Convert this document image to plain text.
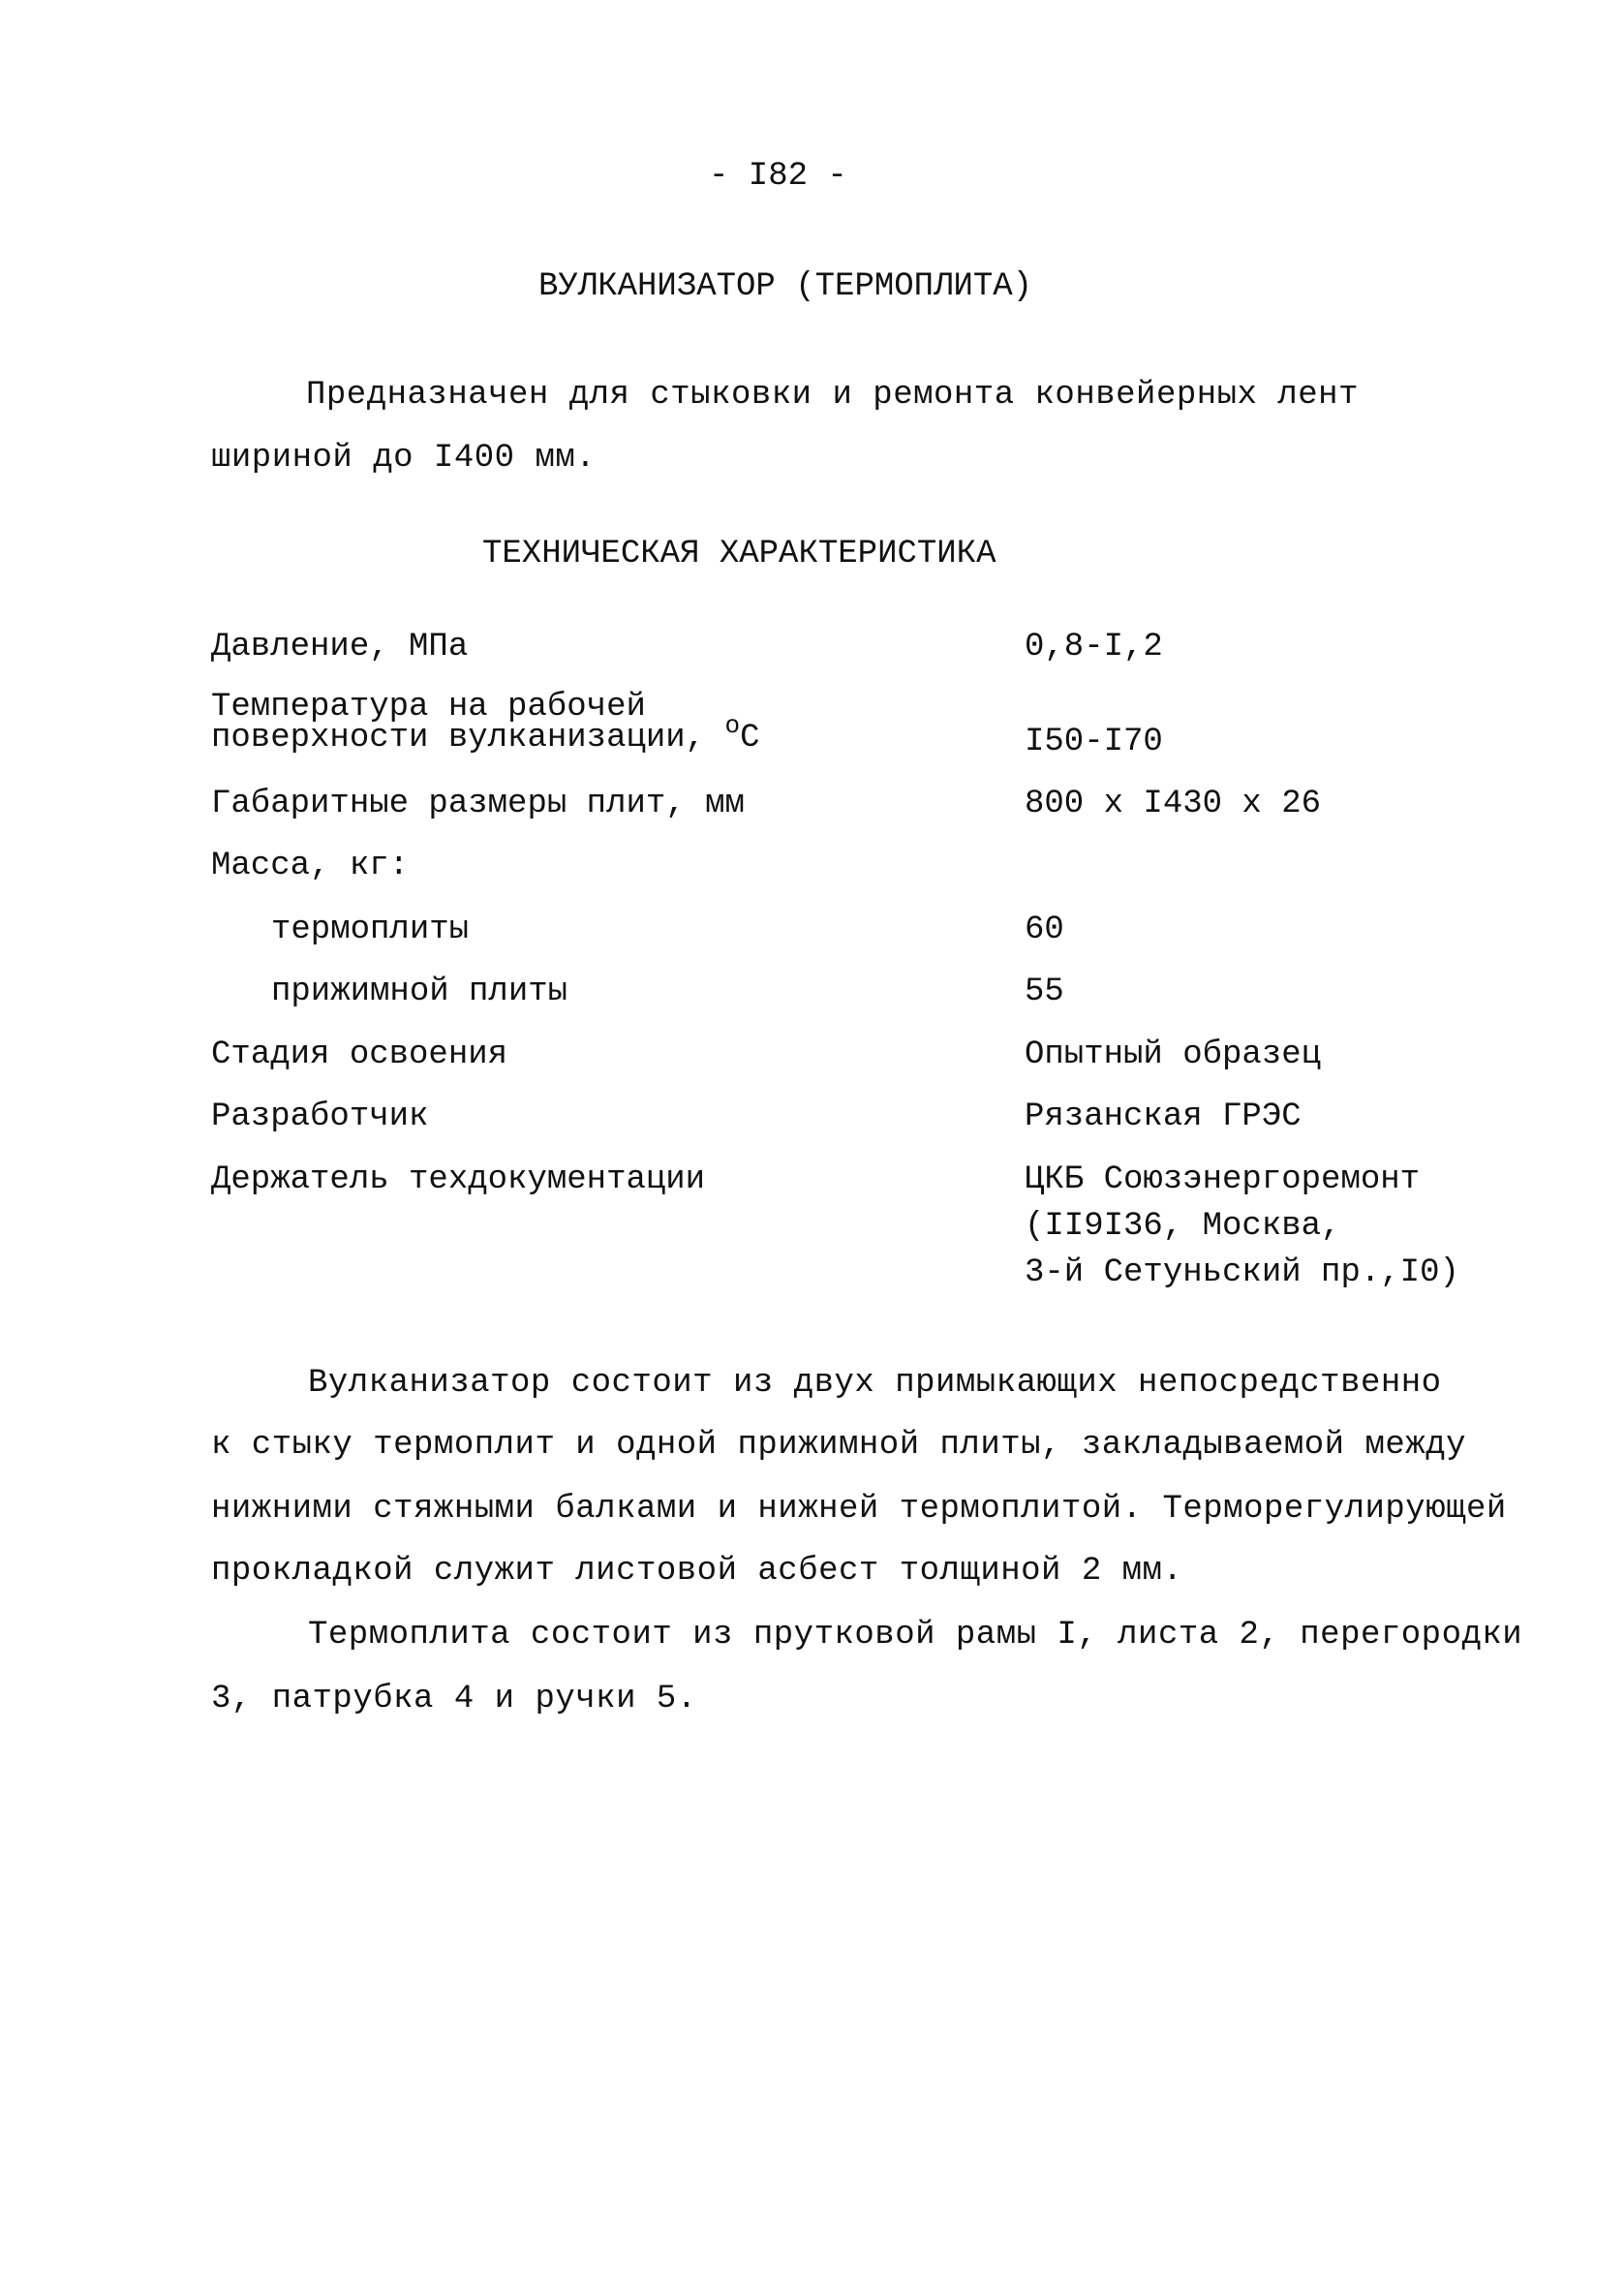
- I82 -
ВУЛКАНИЗАТОР (ТЕРМОПЛИТА)
Предназначен для стыковки и ремонта конвейерных лент
шириной до I400 мм.
ТЕХНИЧЕСКАЯ ХАРАКТЕРИСТИКА
Давление, МПа	0,8-I,2
Температура на рабочей
поверхности вулканизации, $^о$С	I50-I70
Габаритные размеры плит, мм	800 х I430 х 26
Масса, кг:
термоплиты	60
прижимной плиты	55
Стадия освоения	Опытный образец
Разработчик	Рязанская ГРЭС
Держатель техдокументации	ЦКБ Союзэнергоремонт
(II9I36, Москва,
3-й Сетуньский пр.,I0)
Вулканизатор состоит из двух примыкающих непосредственно
к стыку термоплит и одной прижимной плиты, закладываемой между
нижними стяжными балками и нижней термоплитой. Терморегулирующей
прокладкой служит листовой асбест толщиной 2 мм.
Термоплита состоит из прутковой рамы I, листа 2, перегородки
3, патрубка 4 и ручки 5.
